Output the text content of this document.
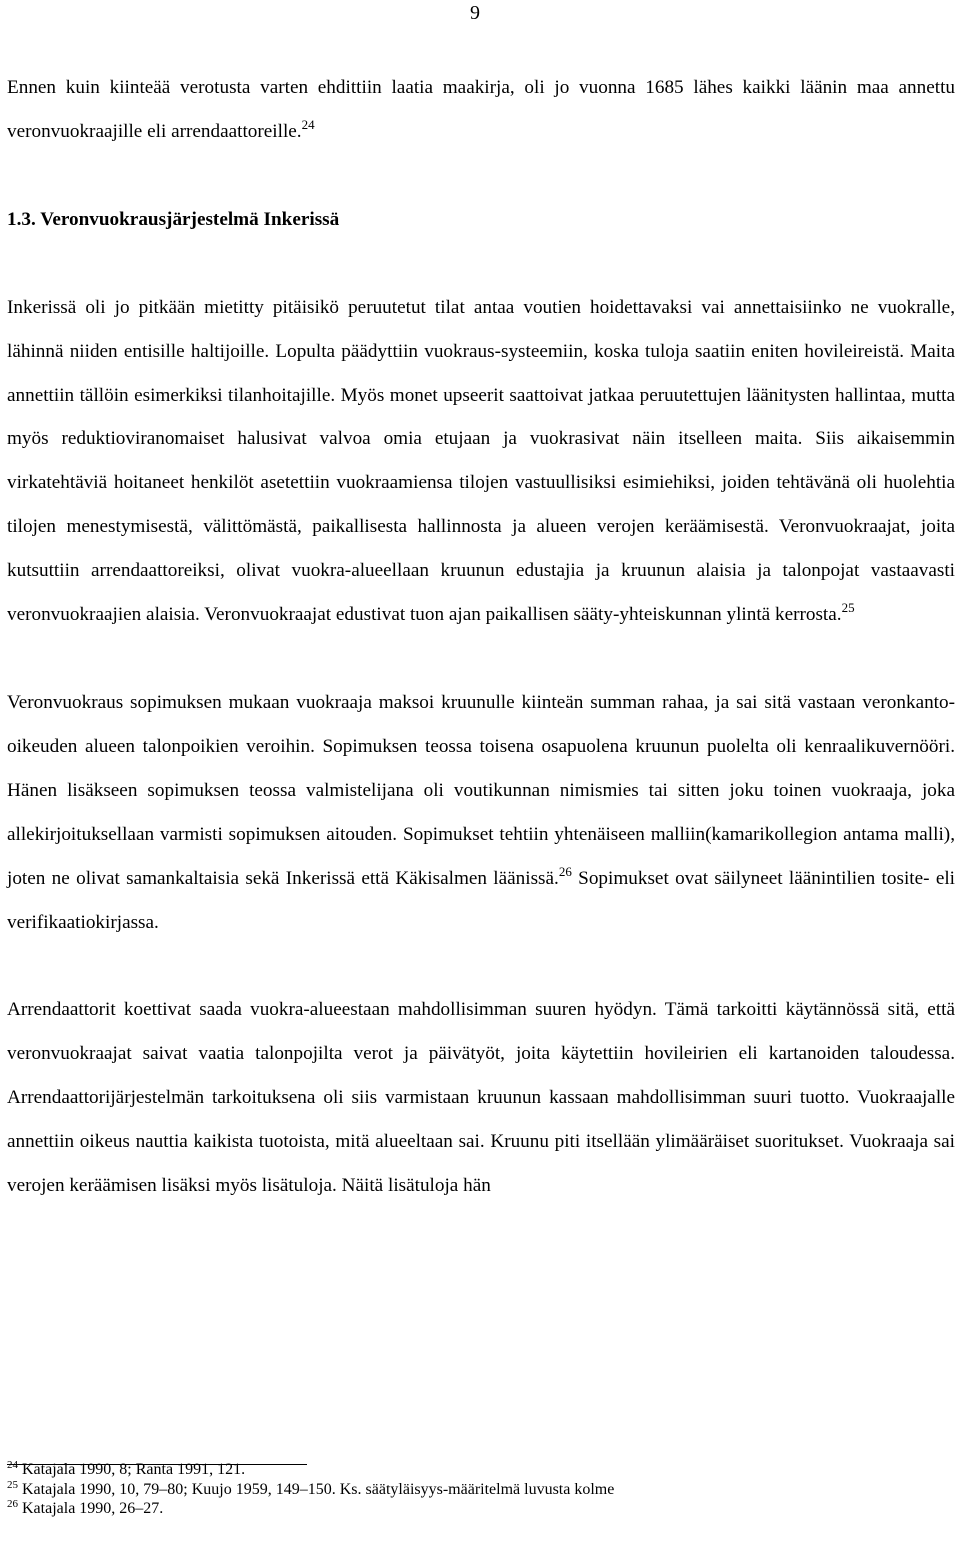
9

Ennen kuin kiinteää verotusta varten ehdittiin laatia maakirja, oli jo vuonna 1685 lähes kaikki läänin maa annettu veronvuokraajille eli arrendaattoreille.$^{24}$

1.3. Veronvuokrausjärjestelmä Inkerissä

Inkerissä oli jo pitkään mietitty pitäisikö peruutetut tilat antaa voutien hoidettavaksi vai annettaisiinko ne vuokralle, lähinnä niiden entisille haltijoille. Lopulta päädyttiin vuokraus-systeemiin, koska tuloja saatiin eniten hovileireistä. Maita annettiin tällöin esimerkiksi tilanhoitajille. Myös monet upseerit saattoivat jatkaa peruutettujen läänitysten hallintaa, mutta myös reduktioviranomaiset halusivat valvoa omia etujaan ja vuokrasivat näin itselleen maita. Siis aikaisemmin virkatehtäviä hoitaneet henkilöt asetettiin vuokraamiensa tilojen vastuullisiksi esimiehiksi, joiden tehtävänä oli huolehtia tilojen menestymisestä, välittömästä, paikallisesta hallinnosta ja alueen verojen keräämisestä. Veronvuokraajat, joita kutsuttiin arrendaattoreiksi, olivat vuokra-alueellaan kruunun edustajia ja kruunun alaisia ja talonpojat vastaavasti veronvuokraajien alaisia. Veronvuokraajat edustivat tuon ajan paikallisen sääty-yhteiskunnan ylintä kerrosta.$^{25}$

Veronvuokraus sopimuksen mukaan vuokraaja maksoi kruunulle kiinteän summan rahaa, ja sai sitä vastaan veronkanto-oikeuden alueen talonpoikien veroihin. Sopimuksen teossa toisena osapuolena kruunun puolelta oli kenraalikuvernööri. Hänen lisäkseen sopimuksen teossa valmistelijana oli voutikunnan nimismies tai sitten joku toinen vuokraaja, joka allekirjoituksellaan varmisti sopimuksen aitouden. Sopimukset tehtiin yhtenäiseen malliin(kamarikollegion antama malli), joten ne olivat samankaltaisia sekä Inkerissä että Käkisalmen läänissä.$^{26}$ Sopimukset ovat säilyneet läänintilien tosite- eli verifikaatiokirjassa.

Arrendaattorit koettivat saada vuokra-alueestaan mahdollisimman suuren hyödyn. Tämä tarkoitti käytännössä sitä, että veronvuokraajat saivat vaatia talonpojilta verot ja päivätyöt, joita käytettiin hovileirien eli kartanoiden taloudessa. Arrendaattorijärjestelmän tarkoituksena oli siis varmistaan kruunun kassaan mahdollisimman suuri tuotto. Vuokraajalle annettiin oikeus nauttia kaikista tuotoista, mitä alueeltaan sai. Kruunu piti itsellään ylimääräiset suoritukset. Vuokraaja sai verojen keräämisen lisäksi myös lisätuloja. Näitä lisätuloja hän

$^{24}$ Katajala 1990, 8; Ranta 1991, 121.

$^{25}$ Katajala 1990, 10, 79–80; Kuujo 1959, 149–150. Ks. säätyläisyys-määritelmä luvusta kolme

$^{26}$ Katajala 1990, 26–27.
